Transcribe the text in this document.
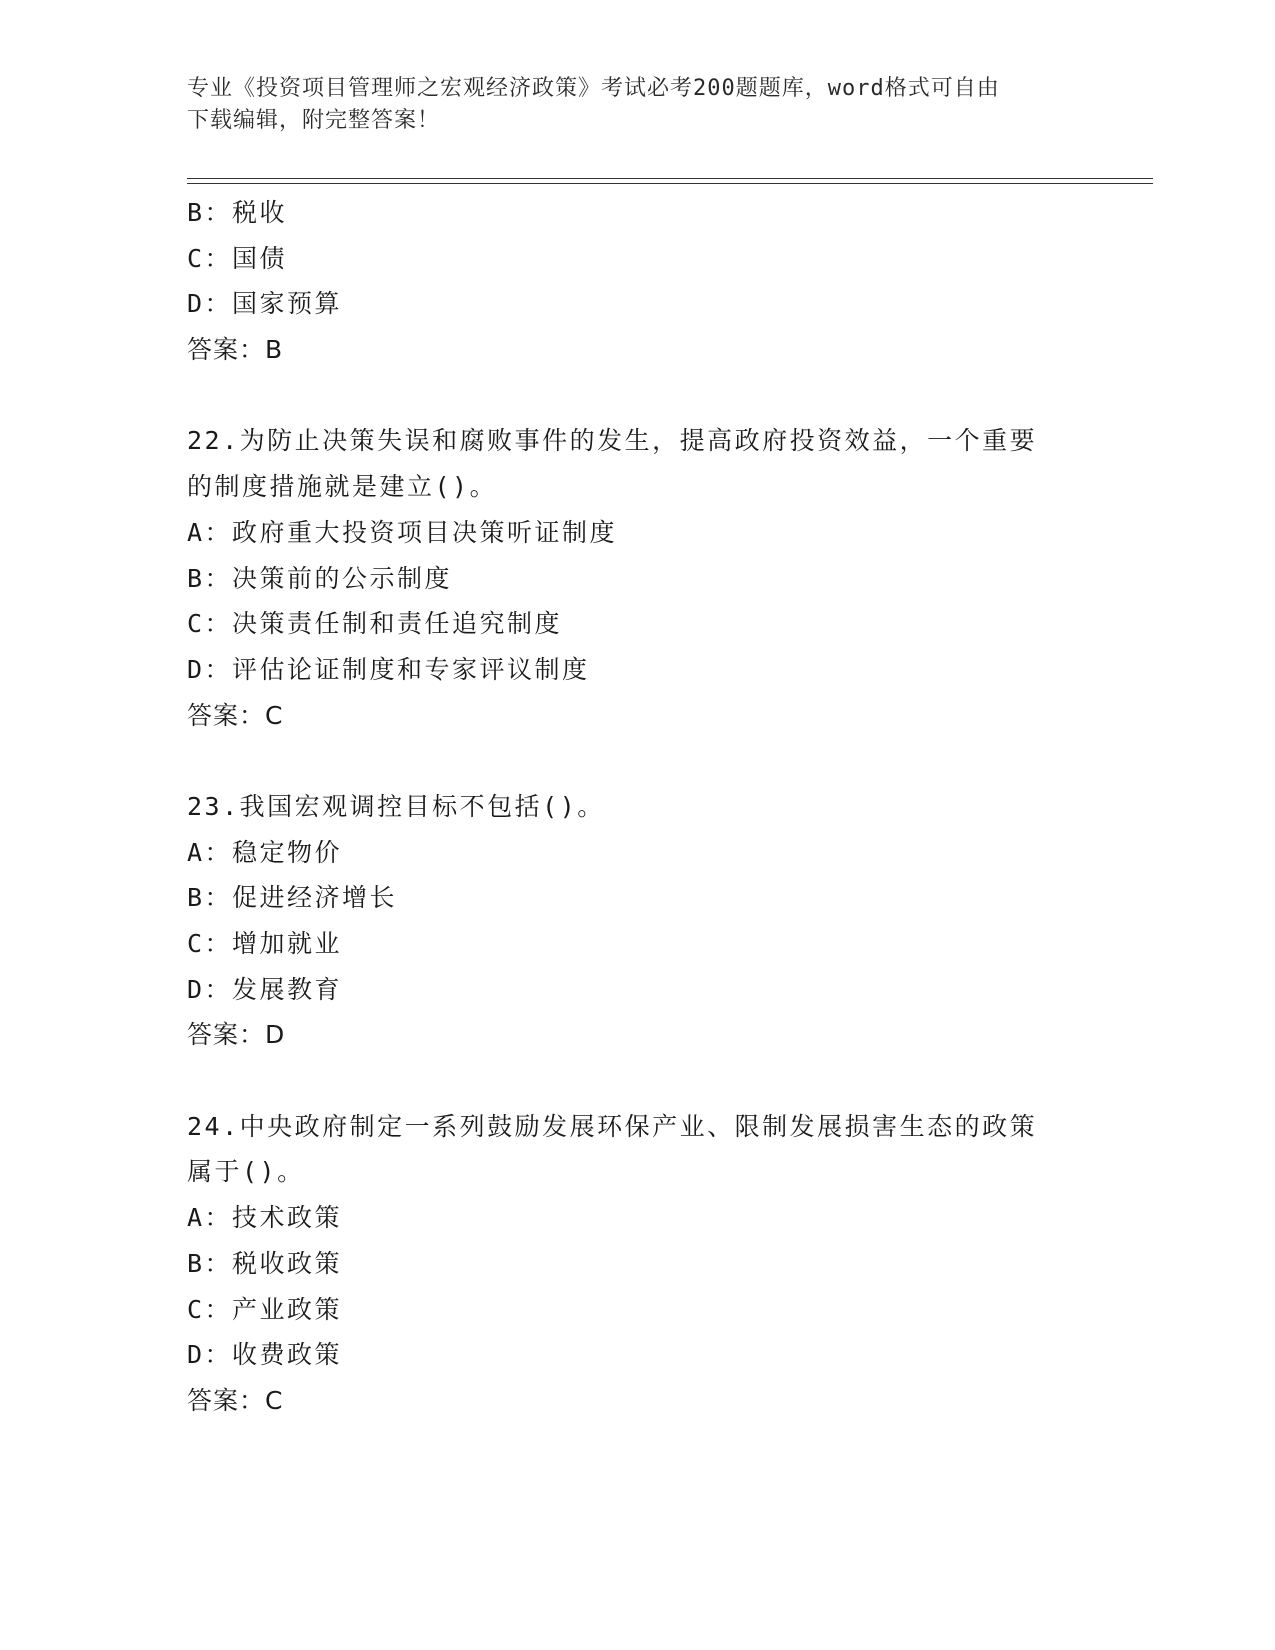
专业《投资项目管理师之宏观经济政策》考试必考200题题库，word格式可自由
下载编辑，附完整答案！
B：税收
C：国债
D：国家预算
答案：B
22.为防止决策失误和腐败事件的发生，提高政府投资效益，一个重要
的制度措施就是建立()。
A：政府重大投资项目决策听证制度
B：决策前的公示制度
C：决策责任制和责任追究制度
D：评估论证制度和专家评议制度
答案：C
23.我国宏观调控目标不包括()。
A：稳定物价
B：促进经济增长
C：增加就业
D：发展教育
答案：D
24.中央政府制定一系列鼓励发展环保产业、限制发展损害生态的政策
属于()。
A：技术政策
B：税收政策
C：产业政策
D：收费政策
答案：C
